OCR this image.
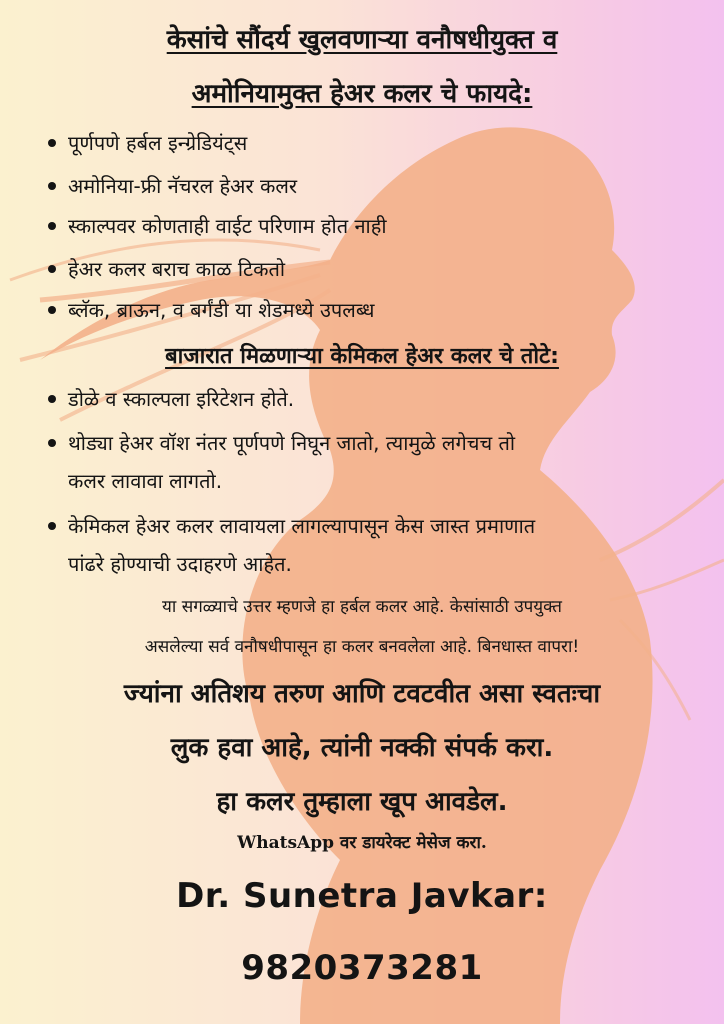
केसांचे सौंदर्य खुलवणाऱ्या वनौषधीयुक्त व
अमोनियामुक्त हेअर कलर चे फायदे:
पूर्णपणे हर्बल इन्ग्रेडियंट्स
अमोनिया-फ्री नॅचरल हेअर कलर
स्काल्पवर कोणताही वाईट परिणाम होत नाही
हेअर कलर बराच काळ टिकतो
ब्लॅक, ब्राऊन, व बर्गंडी या शेडमध्ये उपलब्ध
बाजारात मिळणाऱ्या केमिकल हेअर कलर चे तोटे:
डोळे व स्काल्पला इरिटेशन होते.
थोड्या हेअर वॉश नंतर पूर्णपणे निघून जातो, त्यामुळे लगेचच तो
कलर लावावा लागतो.
केमिकल हेअर कलर लावायला लागल्यापासून केस जास्त प्रमाणात
पांढरे होण्याची उदाहरणे आहेत.

या सगळ्याचे उत्तर म्हणजे हा हर्बल कलर आहे. केसांसाठी उपयुक्त

असलेल्या सर्व वनौषधीपासून हा कलर बनवलेला आहे. बिनधास्त वापरा!

ज्यांना अतिशय तरुण आणि टवटवीत असा स्वतःचा

लुक हवा आहे, त्यांनी नक्की संपर्क करा.

हा कलर तुम्हाला खूप आवडेल.

WhatsApp वर डायरेक्ट मेसेज करा.

Dr. Sunetra Javkar:

9820373281
